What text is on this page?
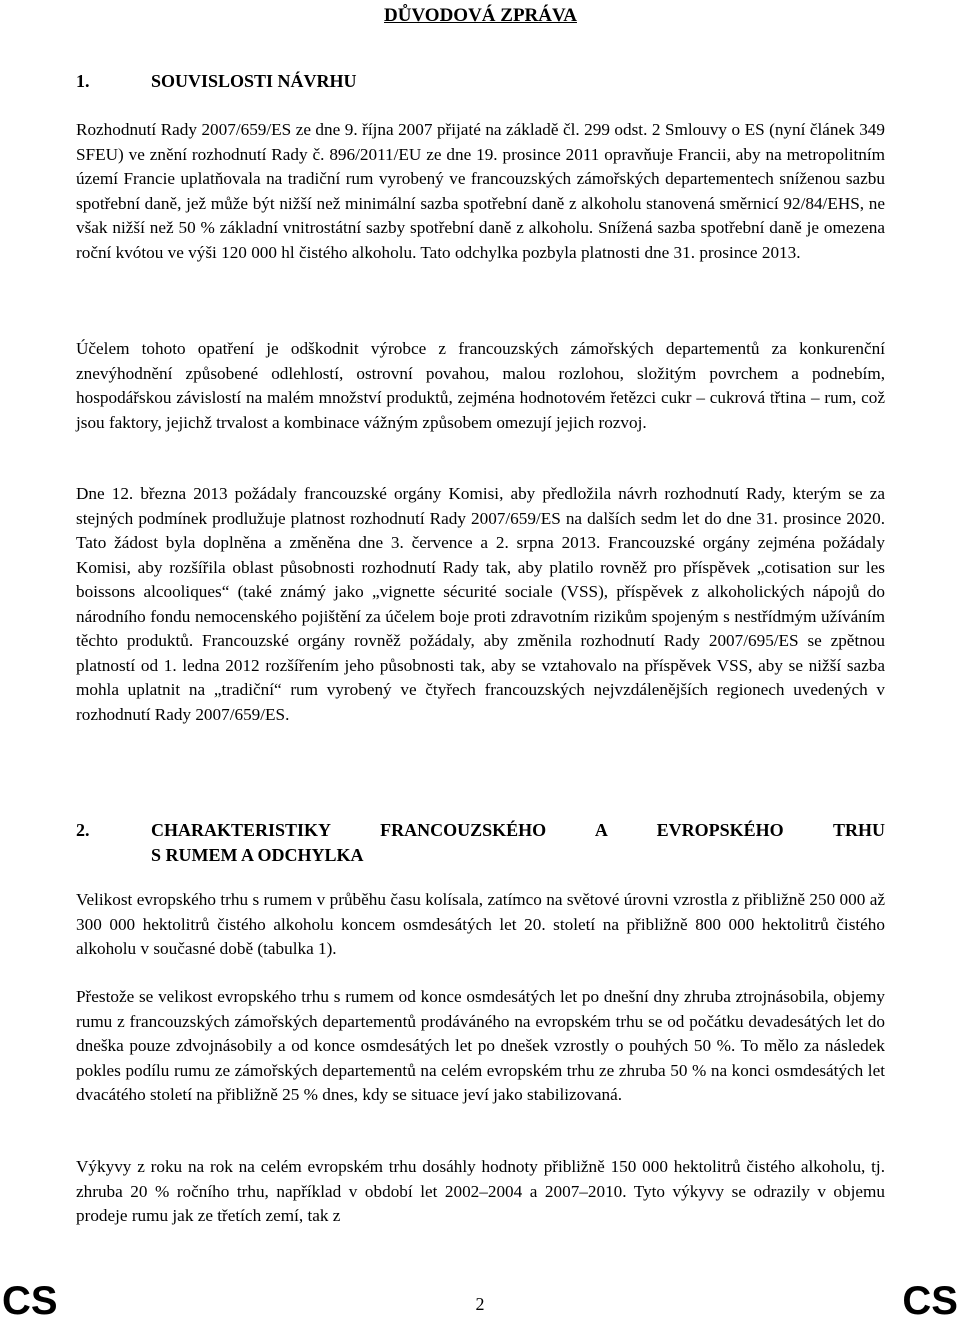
DŮVODOVÁ ZPRÁVA
1.	SOUVISLOSTI NÁVRHU

Rozhodnutí Rady 2007/659/ES ze dne 9. října 2007 přijaté na základě čl. 299 odst. 2 Smlouvy o ES (nyní článek 349 SFEU) ve znění rozhodnutí Rady č. 896/2011/EU ze dne 19. prosince 2011 opravňuje Francii, aby na metropolitním území Francie uplatňovala na tradiční rum vyrobený ve francouzských zámořských departementech sníženou sazbu spotřební daně, jež může být nižší než minimální sazba spotřební daně z alkoholu stanovená směrnicí 92/84/EHS, ne však nižší než 50 % základní vnitrostátní sazby spotřební daně z alkoholu. Snížená sazba spotřební daně je omezena roční kvótou ve výši 120 000 hl čistého alkoholu. Tato odchylka pozbyla platnosti dne 31. prosince 2013.

Účelem tohoto opatření je odškodnit výrobce z francouzských zámořských departementů za konkurenční znevýhodnění způsobené odlehlostí, ostrovní povahou, malou rozlohou, složitým povrchem a podnebím, hospodářskou závislostí na malém množství produktů, zejména hodnotovém řetězci cukr – cukrová třtina – rum, což jsou faktory, jejichž trvalost a kombinace vážným způsobem omezují jejich rozvoj.

Dne 12. března 2013 požádaly francouzské orgány Komisi, aby předložila návrh rozhodnutí Rady, kterým se za stejných podmínek prodlužuje platnost rozhodnutí Rady 2007/659/ES na dalších sedm let do dne 31. prosince 2020. Tato žádost byla doplněna a změněna dne 3. července a 2. srpna 2013. Francouzské orgány zejména požádaly Komisi, aby rozšířila oblast působnosti rozhodnutí Rady tak, aby platilo rovněž pro příspěvek „cotisation sur les boissons alcooliques“ (také známý jako „vignette sécurité sociale (VSS), příspěvek z alkoholických nápojů do národního fondu nemocenského pojištění za účelem boje proti zdravotním rizikům spojeným s nestřídmým užíváním těchto produktů. Francouzské orgány rovněž požádaly, aby změnila rozhodnutí Rady 2007/695/ES se zpětnou platností od 1. ledna 2012 rozšířením jeho působnosti tak, aby se vztahovalo na příspěvek VSS, aby se nižší sazba mohla uplatnit na „tradiční“ rum vyrobený ve čtyřech francouzských nejvzdálenějších regionech uvedených v rozhodnutí Rady 2007/659/ES.

2.	CHARAKTERISTIKY FRANCOUZSKÉHO A EVROPSKÉHO TRHU
S RUMEM A ODCHYLKA

Velikost evropského trhu s rumem v průběhu času kolísala, zatímco na světové úrovni vzrostla z přibližně 250 000 až 300 000 hektolitrů čistého alkoholu koncem osmdesátých let 20. století na přibližně 800 000 hektolitrů čistého alkoholu v současné době (tabulka 1).

Přestože se velikost evropského trhu s rumem od konce osmdesátých let po dnešní dny zhruba ztrojnásobila, objemy rumu z francouzských zámořských departementů prodáváného na evropském trhu se od počátku devadesátých let do dneška pouze zdvojnásobily a od konce osmdesátých let po dnešek vzrostly o pouhých 50 %. To mělo za následek pokles podílu rumu ze zámořských departementů na celém evropském trhu ze zhruba 50 % na konci osmdesátých let dvacátého století na přibližně 25 % dnes, kdy se situace jeví jako stabilizovaná.

Výkyvy z roku na rok na celém evropském trhu dosáhly hodnoty přibližně 150 000 hektolitrů čistého alkoholu, tj. zhruba 20 % ročního trhu, například v období let 2002–2004 a 2007–2010. Tyto výkyvy se odrazily v objemu prodeje rumu jak ze třetích zemí, tak z

CS	2	CS
